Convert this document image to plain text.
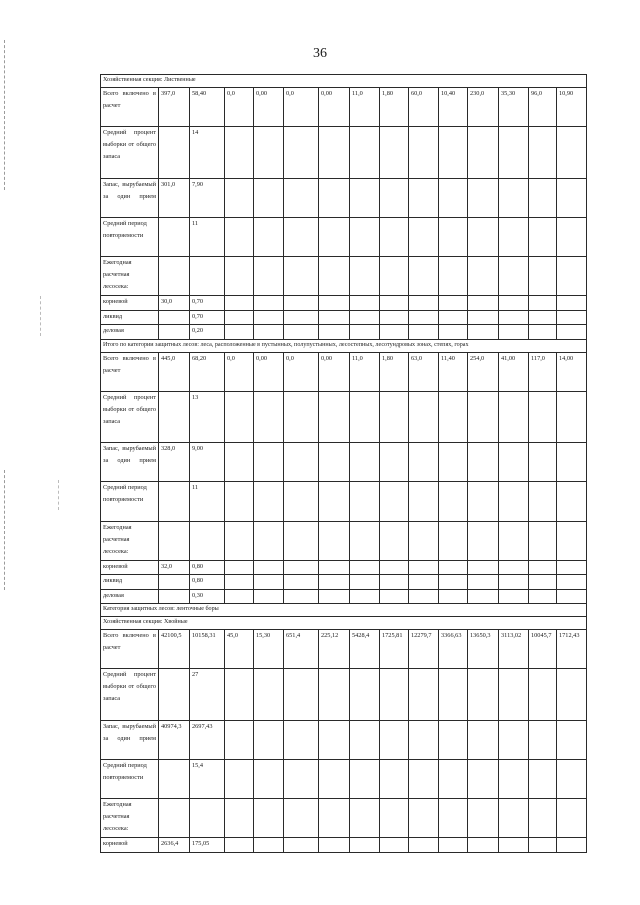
36
Хозяйственная секция: Лиственные														
Всего включено в расчет	397,0	58,40	0,0	0,00	0,0	0,00	11,0	1,80	60,0	10,40	230,0	35,30	96,0	10,90
Средний процент выборки от общего запаса		14												
Запас, вырубаемый за один прием	301,0	7,90												
Средний период повторяемости		11												
Ежегодная расчетная лесосека:														
корневой	30,0	0,70												
ликвид		0,70												
деловая		0,20												
Итого по категории защитных лесов: леса, расположенные в пустынных, полупустынных, лесостепных, лесотундровых зонах, степях, горах														
Всего включено в расчет	445,0	68,20	0,0	0,00	0,0	0,00	11,0	1,80	63,0	11,40	254,0	41,00	117,0	14,00
Средний процент выборки от общего запаса		13												
Запас, вырубаемый за один прием	328,0	9,00												
Средний период повторяемости		11												
Ежегодная расчетная лесосека:														
корневой	32,0	0,80												
ликвид		0,80												
деловая		0,30												
Категория защитных лесов: ленточные боры														
Хозяйственная секция: Хвойные														
Всего включено в расчет	42100,5	10158,31	45,0	15,30	651,4	225,12	5428,4	1725,81	12279,7	3366,63	13650,3	3113,02	10045,7	1712,43
Средний процент выборки от общего запаса		27												
Запас, вырубаемый за один прием	40974,3	2697,43												
Средний период повторяемости		15,4												
Ежегодная расчетная лесосека:														
корневой	2636,4	175,05												
